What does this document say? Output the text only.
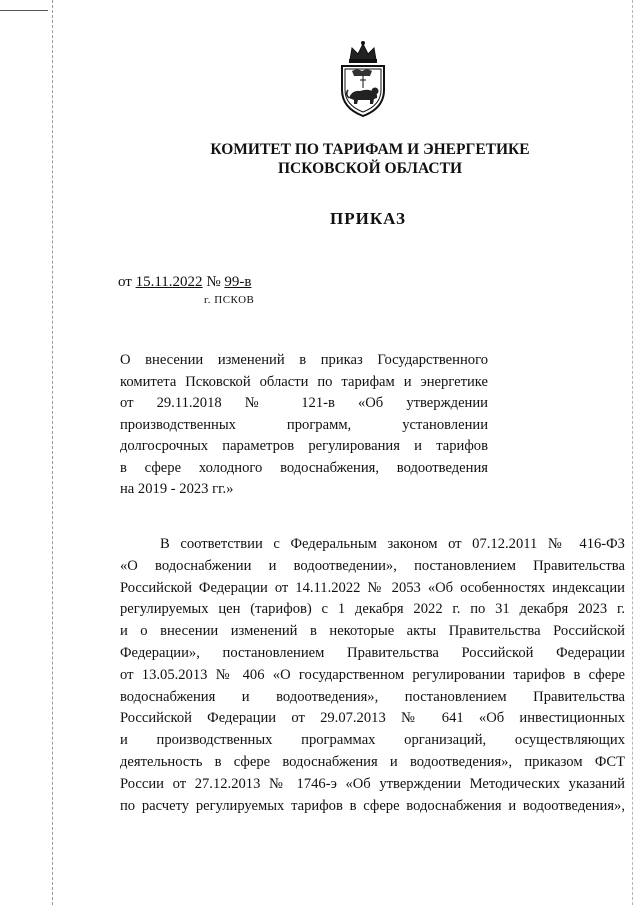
КОМИТЕТ ПО ТАРИФАМ И ЭНЕРГЕТИКЕ
ПСКОВСКОЙ ОБЛАСТИ
ПРИКАЗ
от 15.11.2022 № 99-в
г. ПСКОВ
О внесении изменений в приказ Государственного
комитета Псковской области по тарифам и энергетике
от 29.11.2018 № 121-в «Об утверждении
производственных программ, установлении
долгосрочных параметров регулирования и тарифов
в сфере холодного водоснабжения, водоотведения
на 2019 - 2023 гг.»
В соответствии с Федеральным законом от 07.12.2011 № 416-ФЗ
«О водоснабжении и водоотведении», постановлением Правительства
Российской Федерации от 14.11.2022 № 2053 «Об особенностях индексации
регулируемых цен (тарифов) с 1 декабря 2022 г. по 31 декабря 2023 г.
и о внесении изменений в некоторые акты Правительства Российской
Федерации», постановлением Правительства Российской Федерации
от 13.05.2013 № 406 «О государственном регулировании тарифов в сфере
водоснабжения и водоотведения», постановлением Правительства
Российской Федерации от 29.07.2013 № 641 «Об инвестиционных
и производственных программах организаций, осуществляющих
деятельность в сфере водоснабжения и водоотведения», приказом ФСТ
России от 27.12.2013 № 1746-э «Об утверждении Методических указаний
по расчету регулируемых тарифов в сфере водоснабжения и водоотведения»,
